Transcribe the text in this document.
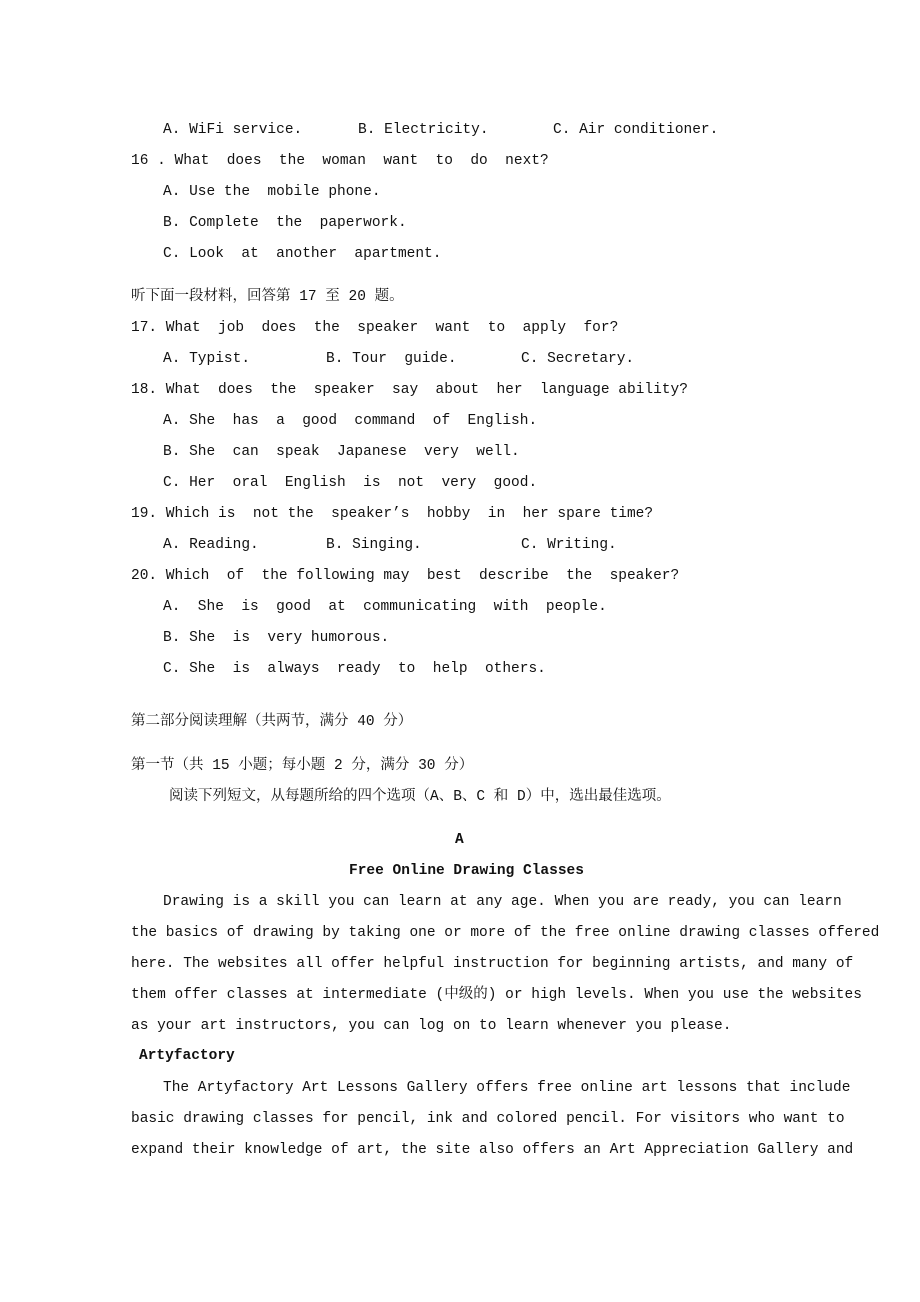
A. WiFi service.	B. Electricity.	C. Air conditioner.
16 . What  does  the  woman  want  to  do  next?
A. Use the  mobile phone.
B. Complete  the  paperwork.
C. Look  at  another  apartment.
听下面一段材料，回答第 17 至 20 题。
17. What  job  does  the  speaker  want  to  apply  for?
A. Typist.	B. Tour  guide.	C. Secretary.
18. What  does  the  speaker  say  about  her  language ability?
A. She  has  a  good  command  of  English.
B. She  can  speak  Japanese  very  well.
C. Her  oral  English  is  not  very  good.
19. Which is  not the  speaker’s  hobby  in  her spare time?
A. Reading.	B. Singing.	C. Writing.
20. Which  of  the following may  best  describe  the  speaker?
A.  She  is  good  at  communicating  with  people.
B. She  is  very humorous.
C. She  is  always  ready  to  help  others.
第二部分阅读理解（共两节，满分 40 分）
第一节（共 15 小题；每小题 2 分，满分 30 分）
阅读下列短文，从每题所给的四个选项（A、B、C 和 D）中，选出最佳选项。
A
Free Online Drawing Classes
Drawing is a skill you can learn at any age. When you are ready, you can learn
the basics of drawing by taking one or more of the free online drawing classes offered
here. The websites all offer helpful instruction for beginning artists, and many of
them offer classes at intermediate (中级的) or high levels. When you use the websites
as your art instructors, you can log on to learn whenever you please.
Artyfactory
The Artyfactory Art Lessons Gallery offers free online art lessons that include
basic drawing classes for pencil, ink and colored pencil. For visitors who want to
expand their knowledge of art, the site also offers an Art Appreciation Gallery and
